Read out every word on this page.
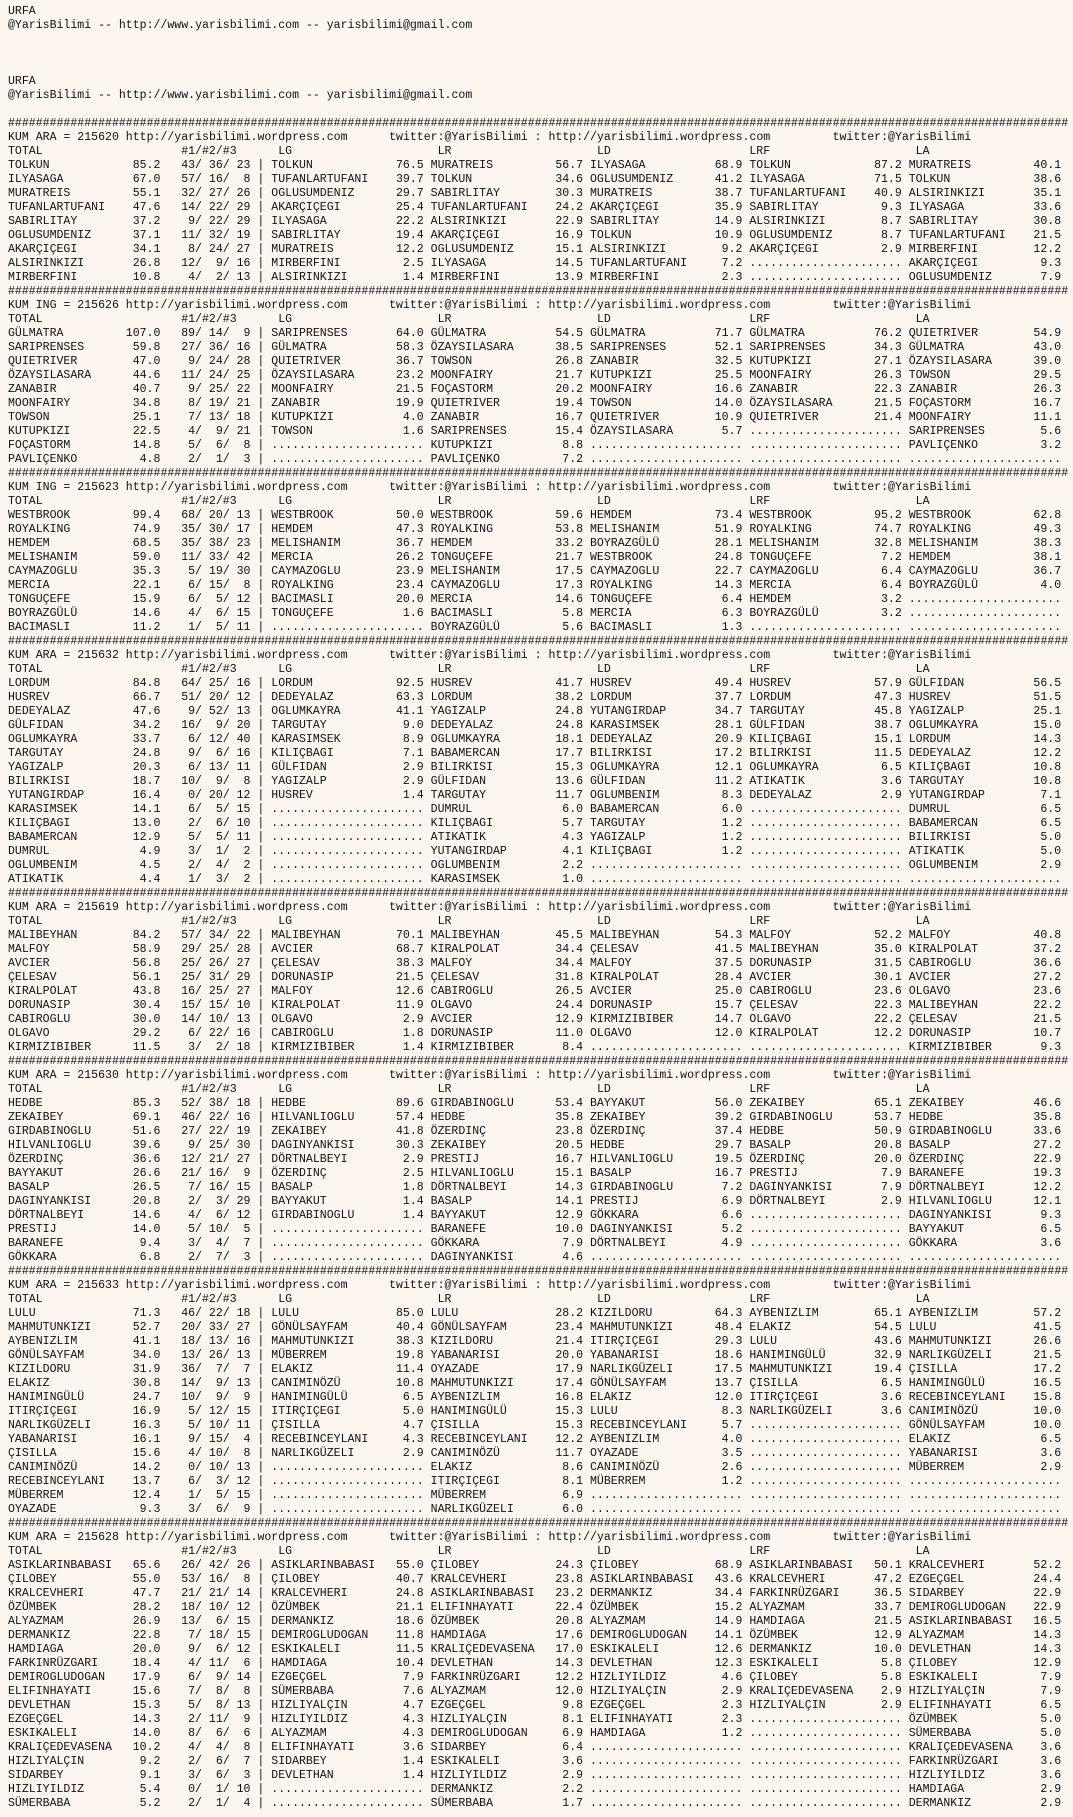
URFA
@YarisBilimi -- http://www.yarisbilimi.com -- yarisbilimi@gmail.com
URFA
@YarisBilimi -- http://www.yarisbilimi.com -- yarisbilimi@gmail.com
#########################################################################################################################################################
KUM ARA = 215620 http://yarisbilimi.wordpress.com	twitter:@YarisBilimi : http://yarisbilimi.wordpress.com	twitter:@YarisBilimi
TOTAL	#1/#2/#3	LG	LR	LD	LRF	LA
TOLKUN	85.2 43/ 36/ 23 | TOLKUN	76.5 MURATREIS	56.7 ILYASAGA	68.9 TOLKUN	87.2 MURATREIS	40.1
ILYASAGA	67.0 57/ 16/  8 | TUFANLARTUFANI 39.7 TOLKUN	34.6 OGLUSUMDENIZ	41.2 ILYASAGA	71.5 TOLKUN	38.6
MURATREIS	55.1 32/ 27/ 26 | OGLUSUMDENIZ	29.7 SABIRLITAY	30.3 MURATREIS	38.7 TUFANLARTUFANI 40.9 ALSIRINKIZI	35.1
TUFANLARTUFANI 47.6 14/ 22/ 29 | AKARÇIÇEGI	25.4 TUFANLARTUFANI 24.2 AKARÇIÇEGI	35.9 SABIRLITAY	9.3 ILYASAGA	33.6
SABIRLITAY	37.2  9/ 22/ 29 | ILYASAGA	22.2 ALSIRINKIZI	22.9 SABIRLITAY	14.9 ALSIRINKIZI	8.7 SABIRLITAY	30.8
OGLUSUMDENIZ	37.1 11/ 32/ 19 | SABIRLITAY	19.4 AKARÇIÇEGI	16.9 TOLKUN	10.9 OGLUSUMDENIZ	8.7 TUFANLARTUFANI 21.5
AKARÇIÇEGI	34.1  8/ 24/ 27 | MURATREIS	12.2 OGLUSUMDENIZ	15.1 ALSIRINKIZI	9.2 AKARÇIÇEGI	2.9 MIRBERFINI	12.2
ALSIRINKIZI	26.8 12/  9/ 16 | MIRBERFINI	2.5 ILYASAGA	14.5 TUFANLARTUFANI	7.2 ...................... AKARÇIÇEGI	9.3
MIRBERFINI	10.8  4/  2/ 13 | ALSIRINKIZI	1.4 MIRBERFINI	13.9 MIRBERFINI	2.3 ...................... OGLUSUMDENIZ	7.9
#########################################################################################################################################################
KUM ING = 215626 http://yarisbilimi.wordpress.com	twitter:@YarisBilimi : http://yarisbilimi.wordpress.com	twitter:@YarisBilimi
TOTAL	#1/#2/#3	LG	LR	LD	LRF	LA
GÜLMATRA	107.0 89/ 14/  9 | SARIPRENSES	64.0 GÜLMATRA	54.5 GÜLMATRA	71.7 GÜLMATRA	76.2 QUIETRIVER	54.9
SARIPRENSES	59.8 27/ 36/ 16 | GÜLMATRA	58.3 ÖZAYSILASARA	38.5 SARIPRENSES	52.1 SARIPRENSES	34.3 GÜLMATRA	43.0
QUIETRIVER	47.0  9/ 24/ 28 | QUIETRIVER	36.7 TOWSON	26.8 ZANABIR	32.5 KUTUPKIZI	27.1 ÖZAYSILASARA	39.0
ÖZAYSILASARA	44.6 11/ 24/ 25 | ÖZAYSILASARA	23.2 MOONFAIRY	21.7 KUTUPKIZI	25.5 MOONFAIRY	26.3 TOWSON	29.5
ZANABIR	40.7  9/ 25/ 22 | MOONFAIRY	21.5 FOÇASTORM	20.2 MOONFAIRY	16.6 ZANABIR	22.3 ZANABIR	26.3
MOONFAIRY	34.8  8/ 19/ 21 | ZANABIR	19.9 QUIETRIVER	19.4 TOWSON	14.0 ÖZAYSILASARA	21.5 FOÇASTORM	16.7
TOWSON	25.1  7/ 13/ 18 | KUTUPKIZI	4.0 ZANABIR	16.7 QUIETRIVER	10.9 QUIETRIVER	21.4 MOONFAIRY	11.1
KUTUPKIZI	22.5  4/  9/ 21 | TOWSON	1.6 SARIPRENSES	15.4 ÖZAYSILASARA	5.7 ...................... SARIPRENSES	5.6
FOÇASTORM	14.8  5/  6/  8 | ...................... KUTUPKIZI	8.8 ...................... ...................... PAVLIÇENKO	3.2
PAVLIÇENKO	4.8  2/  1/  3 | ...................... PAVLIÇENKO	7.2 ...................... ...................... ......................
#########################################################################################################################################################
KUM ING = 215623 http://yarisbilimi.wordpress.com	twitter:@YarisBilimi : http://yarisbilimi.wordpress.com	twitter:@YarisBilimi
TOTAL	#1/#2/#3	LG	LR	LD	LRF	LA
WESTBROOK	99.4 68/ 20/ 13 | WESTBROOK	50.0 WESTBROOK	59.6 HEMDEM	73.4 WESTBROOK	95.2 WESTBROOK	62.8
ROYALKING	74.9 35/ 30/ 17 | HEMDEM	47.3 ROYALKING	53.8 MELISHANIM	51.9 ROYALKING	74.7 ROYALKING	49.3
HEMDEM	68.5 35/ 38/ 23 | MELISHANIM	36.7 HEMDEM	33.2 BOYRAZGÜLÜ	28.1 MELISHANIM	32.8 MELISHANIM	38.3
MELISHANIM	59.0 11/ 33/ 42 | MERCIA	26.2 TONGUÇEFE	21.7 WESTBROOK	24.8 TONGUÇEFE	7.2 HEMDEM	38.1
CAYMAZOGLU	35.3  5/ 19/ 30 | CAYMAZOGLU	23.9 MELISHANIM	17.5 CAYMAZOGLU	22.7 CAYMAZOGLU	6.4 CAYMAZOGLU	36.7
MERCIA	22.1  6/ 15/  8 | ROYALKING	23.4 CAYMAZOGLU	17.3 ROYALKING	14.3 MERCIA	6.4 BOYRAZGÜLÜ	4.0
TONGUÇEFE	15.9  6/  5/ 12 | BACIMASLI	20.0 MERCIA	14.6 TONGUÇEFE	6.4 HEMDEM	3.2 ......................
BOYRAZGÜLÜ	14.6  4/  6/ 15 | TONGUÇEFE	1.6 BACIMASLI	5.8 MERCIA	6.3 BOYRAZGÜLÜ	3.2 ......................
BACIMASLI	11.2  1/  5/ 11 | ...................... BOYRAZGÜLÜ	5.6 BACIMASLI	1.3 ...................... ......................
#########################################################################################################################################################
KUM ARA = 215632 http://yarisbilimi.wordpress.com	twitter:@YarisBilimi : http://yarisbilimi.wordpress.com	twitter:@YarisBilimi
TOTAL	#1/#2/#3	LG	LR	LD	LRF	LA
LORDUM	84.8 64/ 25/ 16 | LORDUM	92.5 HUSREV	41.7 HUSREV	49.4 HUSREV	57.9 GÜLFIDAN	56.5
HUSREV	66.7 51/ 20/ 12 | DEDEYALAZ	63.3 LORDUM	38.2 LORDUM	37.7 LORDUM	47.3 HUSREV	51.5
DEDEYALAZ	47.6  9/ 52/ 13 | OGLUMKAYRA	41.1 YAGIZALP	24.8 YUTANGIRDAP	34.7 TARGUTAY	45.8 YAGIZALP	25.1
GÜLFIDAN	34.2 16/  9/ 20 | TARGUTAY	9.0 DEDEYALAZ	24.8 KARASIMSEK	28.1 GÜLFIDAN	38.7 OGLUMKAYRA	15.0
OGLUMKAYRA	33.7  6/ 12/ 40 | KARASIMSEK	8.9 OGLUMKAYRA	18.1 DEDEYALAZ	20.9 KILIÇBAGI	15.1 LORDUM	14.3
TARGUTAY	24.8  9/  6/ 16 | KILIÇBAGI	7.1 BABAMERCAN	17.7 BILIRKISI	17.2 BILIRKISI	11.5 DEDEYALAZ	12.2
YAGIZALP	20.3  6/ 13/ 11 | GÜLFIDAN	2.9 BILIRKISI	15.3 OGLUMKAYRA	12.1 OGLUMKAYRA	6.5 KILIÇBAGI	10.8
BILIRKISI	18.7 10/  9/  8 | YAGIZALP	2.9 GÜLFIDAN	13.6 GÜLFIDAN	11.2 ATIKATIK	3.6 TARGUTAY	10.8
YUTANGIRDAP	16.4  0/ 20/ 12 | HUSREV	1.4 TARGUTAY	11.7 OGLUMBENIM	8.3 DEDEYALAZ	2.9 YUTANGIRDAP	7.1
KARASIMSEK	14.1  6/  5/ 15 | ...................... DUMRUL	6.0 BABAMERCAN	6.0 ...................... DUMRUL	6.5
KILIÇBAGI	13.0  2/  6/ 10 | ...................... KILIÇBAGI	5.7 TARGUTAY	1.2 ...................... BABAMERCAN	6.5
BABAMERCAN	12.9  5/  5/ 11 | ...................... ATIKATIK	4.3 YAGIZALP	1.2 ...................... BILIRKISI	5.0
DUMRUL	4.9  3/  1/  2 | ...................... YUTANGIRDAP	4.1 KILIÇBAGI	1.2 ...................... ATIKATIK	5.0
OGLUMBENIM	4.5  2/  4/  2 | ...................... OGLUMBENIM	2.2 ...................... ...................... OGLUMBENIM	2.9
ATIKATIK	4.4  1/  3/  2 | ...................... KARASIMSEK	1.0 ...................... ...................... ......................
#########################################################################################################################################################
KUM ARA = 215619 http://yarisbilimi.wordpress.com	twitter:@YarisBilimi : http://yarisbilimi.wordpress.com	twitter:@YarisBilimi
TOTAL	#1/#2/#3	LG	LR	LD	LRF	LA
MALIBEYHAN	84.2 57/ 34/ 22 | MALIBEYHAN	70.1 MALIBEYHAN	45.5 MALIBEYHAN	54.3 MALFOY	52.2 MALFOY	40.8
MALFOY	58.9 29/ 25/ 28 | AVCIER	68.7 KIRALPOLAT	34.4 ÇELESAV	41.5 MALIBEYHAN	35.0 KIRALPOLAT	37.2
AVCIER	56.8 25/ 26/ 27 | ÇELESAV	38.3 MALFOY	34.4 MALFOY	37.5 DORUNASIP	31.5 CABIROGLU	36.6
ÇELESAV	56.1 25/ 31/ 29 | DORUNASIP	21.5 ÇELESAV	31.8 KIRALPOLAT	28.4 AVCIER	30.1 AVCIER	27.2
KIRALPOLAT	43.8 16/ 25/ 27 | MALFOY	12.6 CABIROGLU	26.5 AVCIER	25.0 CABIROGLU	23.6 OLGAVO	23.6
DORUNASIP	30.4 15/ 15/ 10 | KIRALPOLAT	11.9 OLGAVO	24.4 DORUNASIP	15.7 ÇELESAV	22.3 MALIBEYHAN	22.2
CABIROGLU	30.0 14/ 10/ 13 | OLGAVO	2.9 AVCIER	12.9 KIRMIZIBIBER	14.7 OLGAVO	22.2 ÇELESAV	21.5
OLGAVO	29.2  6/ 22/ 16 | CABIROGLU	1.8 DORUNASIP	11.0 OLGAVO	12.0 KIRALPOLAT	12.2 DORUNASIP	10.7
KIRMIZIBIBER	11.5  3/  2/ 18 | KIRMIZIBIBER	1.4 KIRMIZIBIBER	8.4 ...................... ...................... KIRMIZIBIBER	9.3
#########################################################################################################################################################
KUM ARA = 215630 http://yarisbilimi.wordpress.com	twitter:@YarisBilimi : http://yarisbilimi.wordpress.com	twitter:@YarisBilimi
TOTAL	#1/#2/#3	LG	LR	LD	LRF	LA
HEDBE	85.3 52/ 38/ 18 | HEDBE	89.6 GIRDABINOGLU	53.4 BAYYAKUT	56.0 ZEKAIBEY	65.1 ZEKAIBEY	46.6
ZEKAIBEY	69.1 46/ 22/ 16 | HILVANLIOGLU	57.4 HEDBE	35.8 ZEKAIBEY	39.2 GIRDABINOGLU	53.7 HEDBE	35.8
GIRDABINOGLU	51.6 27/ 22/ 19 | ZEKAIBEY	41.8 ÖZERDINÇ	23.8 ÖZERDINÇ	37.4 HEDBE	50.9 GIRDABINOGLU	33.6
HILVANLIOGLU	39.6  9/ 25/ 30 | DAGINYANKISI	30.3 ZEKAIBEY	20.5 HEDBE	29.7 BASALP	20.8 BASALP	27.2
ÖZERDINÇ	36.6 12/ 21/ 27 | DÖRTNALBEYI	2.9 PRESTIJ	16.7 HILVANLIOGLU	19.5 ÖZERDINÇ	20.0 ÖZERDINÇ	22.9
BAYYAKUT	26.6 21/ 16/  9 | ÖZERDINÇ	2.5 HILVANLIOGLU	15.1 BASALP	16.7 PRESTIJ	7.9 BARANEFE	19.3
BASALP	26.5  7/ 16/ 15 | BASALP	1.8 DÖRTNALBEYI	14.3 GIRDABINOGLU	7.2 DAGINYANKISI	7.9 DÖRTNALBEYI	12.2
DAGINYANKISI	20.8  2/  3/ 29 | BAYYAKUT	1.4 BASALP	14.1 PRESTIJ	6.9 DÖRTNALBEYI	2.9 HILVANLIOGLU	12.1
DÖRTNALBEYI	14.6  4/  6/ 12 | GIRDABINOGLU	1.4 BAYYAKUT	12.9 GÖKKARA	6.6 ...................... DAGINYANKISI	9.3
PRESTIJ	14.0  5/ 10/  5 | ...................... BARANEFE	10.0 DAGINYANKISI	5.2 ...................... BAYYAKUT	6.5
BARANEFE	9.4  3/  4/  7 | ...................... GÖKKARA	7.9 DÖRTNALBEYI	4.9 ...................... GÖKKARA	3.6
GÖKKARA	6.8  2/  7/  3 | ...................... DAGINYANKISI	4.6 ...................... ...................... ......................
#########################################################################################################################################################
KUM ARA = 215633 http://yarisbilimi.wordpress.com	twitter:@YarisBilimi : http://yarisbilimi.wordpress.com	twitter:@YarisBilimi
TOTAL	#1/#2/#3	LG	LR	LD	LRF	LA
LULU	71.3 46/ 22/ 18 | LULU	85.0 LULU	28.2 KIZILDORU	64.3 AYBENIZLIM	65.1 AYBENIZLIM	57.2
MAHMUTUNKIZI	52.7 20/ 33/ 27 | GÖNÜLSAYFAM	40.4 GÖNÜLSAYFAM	23.4 MAHMUTUNKIZI	48.4 ELAKIZ	54.5 LULU	41.5
AYBENIZLIM	41.1 18/ 13/ 16 | MAHMUTUNKIZI	38.3 KIZILDORU	21.4 ITIRÇIÇEGI	29.3 LULU	43.6 MAHMUTUNKIZI	26.6
GÖNÜLSAYFAM	34.0 13/ 26/ 13 | MÜBERREM	19.8 YABANARISI	20.0 YABANARISI	18.6 HANIMINGÜLÜ	32.9 NARLIKGÜZELI	21.5
KIZILDORU	31.9 36/  7/  7 | ELAKIZ	11.4 OYAZADE	17.9 NARLIKGÜZELI	17.5 MAHMUTUNKIZI	19.4 ÇISILLA	17.2
ELAKIZ	30.8 14/  9/ 13 | CANIMINÖZÜ	10.8 MAHMUTUNKIZI	17.4 GÖNÜLSAYFAM	13.7 ÇISILLA	6.5 HANIMINGÜLÜ	16.5
HANIMINGÜLÜ	24.7 10/  9/  9 | HANIMINGÜLÜ	6.5 AYBENIZLIM	16.8 ELAKIZ	12.0 ITIRÇIÇEGI	3.6 RECEBINCEYLANI 15.8
ITIRÇIÇEGI	16.9  5/ 12/ 15 | ITIRÇIÇEGI	5.0 HANIMINGÜLÜ	15.3 LULU	8.3 NARLIKGÜZELI	3.6 CANIMINÖZÜ	10.0
NARLIKGÜZELI	16.3  5/ 10/ 11 | ÇISILLA	4.7 ÇISILLA	15.3 RECEBINCEYLANI	5.7 ...................... GÖNÜLSAYFAM	10.0
YABANARISI	16.1  9/ 15/  4 | RECEBINCEYLANI	4.3 RECEBINCEYLANI 12.2 AYBENIZLIM	4.0 ...................... ELAKIZ	6.5
ÇISILLA	15.6  4/ 10/  8 | NARLIKGÜZELI	2.9 CANIMINÖZÜ	11.7 OYAZADE	3.5 ...................... YABANARISI	3.6
CANIMINÖZÜ	14.2  0/ 10/ 13 | ...................... ELAKIZ	8.6 CANIMINÖZÜ	2.6 ...................... MÜBERREM	2.9
RECEBINCEYLANI 13.7  6/  3/ 12 | ...................... ITIRÇIÇEGI	8.1 MÜBERREM	1.2 ...................... ......................
MÜBERREM	12.4  1/  5/ 15 | ...................... MÜBERREM	6.9 ...................... ...................... ......................
OYAZADE	9.3  3/  6/  9 | ...................... NARLIKGÜZELI	6.0 ...................... ...................... ......................
#########################################################################################################################################################
KUM ARA = 215628 http://yarisbilimi.wordpress.com	twitter:@YarisBilimi : http://yarisbilimi.wordpress.com	twitter:@YarisBilimi
TOTAL	#1/#2/#3	LG	LR	LD	LRF	LA
ASIKLARINBABASI 65.6 26/ 42/ 26 | ASIKLARINBABASI 55.0 ÇILOBEY	24.3 ÇILOBEY	68.9 ASIKLARINBABASI 50.1 KRALCEVHERI	52.2
ÇILOBEY	55.0 53/ 16/  8 | ÇILOBEY	40.7 KRALCEVHERI	23.8 ASIKLARINBABASI 43.6 KRALCEVHERI	47.2 EZGEÇGEL	24.4
KRALCEVHERI	47.7 21/ 21/ 14 | KRALCEVHERI	24.8 ASIKLARINBABASI 23.2 DERMANKIZ	34.4 FARKINRÜZGARI	36.5 SIDARBEY	22.9
ÖZÜMBEK	28.2 18/ 10/ 12 | ÖZÜMBEK	21.1 ELIFINHAYATI	22.4 ÖZÜMBEK	15.2 ALYAZMAM	33.7 DEMIROGLUDOGAN 22.9
ALYAZMAM	26.9 13/  6/ 15 | DERMANKIZ	18.6 ÖZÜMBEK	20.8 ALYAZMAM	14.9 HAMDIAGA	21.5 ASIKLARINBABASI 16.5
DERMANKIZ	22.8  7/ 18/ 15 | DEMIROGLUDOGAN 11.8 HAMDIAGA	17.6 DEMIROGLUDOGAN 14.1 ÖZÜMBEK	12.9 ALYAZMAM	14.3
HAMDIAGA	20.0  9/  6/ 12 | ESKIKALELI	11.5 KRALIÇEDEVASENA 17.0 ESKIKALELI	12.6 DERMANKIZ	10.0 DEVLETHAN	14.3
FARKINRÜZGARI	18.4  4/ 11/  6 | HAMDIAGA	10.4 DEVLETHAN	14.3 DEVLETHAN	12.3 ESKIKALELI	5.8 ÇILOBEY	12.9
DEMIROGLUDOGAN 17.9  6/  9/ 14 | EZGEÇGEL	7.9 FARKINRÜZGARI	12.2 HIZLIYILDIZ	4.6 ÇILOBEY	5.8 ESKIKALELI	7.9
ELIFINHAYATI	15.6  7/  8/  8 | SÜMERBABA	7.6 ALYAZMAM	12.0 HIZLIYALÇIN	2.9 KRALIÇEDEVASENA 2.9 HIZLIYALÇIN	7.9
DEVLETHAN	15.3  5/  8/ 13 | HIZLIYALÇIN	4.7 EZGEÇGEL	9.8 EZGEÇGEL	2.3 HIZLIYALÇIN	2.9 ELIFINHAYATI	6.5
EZGEÇGEL	14.3  2/ 11/  9 | HIZLIYILDIZ	4.3 HIZLIYALÇIN	8.1 ELIFINHAYATI	2.3 ...................... ÖZÜMBEK	5.0
ESKIKALELI	14.0  8/  6/  6 | ALYAZMAM	4.3 DEMIROGLUDOGAN	6.9 HAMDIAGA	1.2 ...................... SÜMERBABA	5.0
KRALIÇEDEVASENA 10.2  4/  4/  8 | ELIFINHAYATI	3.6 SIDARBEY	6.4 ...................... ...................... KRALIÇEDEVASENA 3.6
HIZLIYALÇIN	9.2  2/  6/  7 | SIDARBEY	1.4 ESKIKALELI	3.6 ...................... ...................... FARKINRÜZGARI	3.6
SIDARBEY	9.1  3/  6/  3 | DEVLETHAN	1.4 HIZLIYILDIZ	2.9 ...................... ...................... HIZLIYILDIZ	3.6
HIZLIYILDIZ	5.4  0/  1/ 10 | ...................... DERMANKIZ	2.2 ...................... ...................... HAMDIAGA	2.9
SÜMERBABA	5.2  2/  1/  4 | ...................... SÜMERBABA	1.7 ...................... ...................... DERMANKIZ	2.9
